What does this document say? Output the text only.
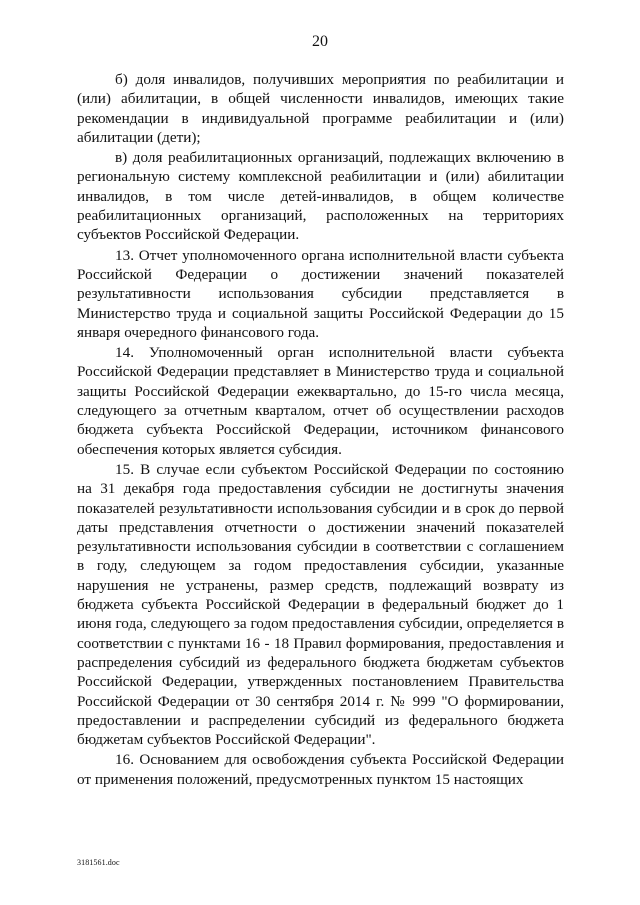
20

б) доля инвалидов, получивших мероприятия по реабилитации и (или) абилитации, в общей численности инвалидов, имеющих такие рекомендации в индивидуальной программе реабилитации и (или) абилитации (дети);

в) доля реабилитационных организаций, подлежащих включению в региональную систему комплексной реабилитации и (или) абилитации инвалидов, в том числе детей-инвалидов, в общем количестве реабилитационных организаций, расположенных на территориях субъектов Российской Федерации.

13. Отчет уполномоченного органа исполнительной власти субъекта Российской Федерации о достижении значений показателей результативности использования субсидии представляется в Министерство труда и социальной защиты Российской Федерации до 15 января очередного финансового года.

14. Уполномоченный орган исполнительной власти субъекта Российской Федерации представляет в Министерство труда и социальной защиты Российской Федерации ежеквартально, до 15-го числа месяца, следующего за отчетным кварталом, отчет об осуществлении расходов бюджета субъекта Российской Федерации, источником финансового обеспечения которых является субсидия.

15. В случае если субъектом Российской Федерации по состоянию на 31 декабря года предоставления субсидии не достигнуты значения показателей результативности использования субсидии и в срок до первой даты представления отчетности о достижении значений показателей результативности использования субсидии в соответствии с соглашением в году, следующем за годом предоставления субсидии, указанные нарушения не устранены, размер средств, подлежащий возврату из бюджета субъекта Российской Федерации в федеральный бюджет до 1 июня года, следующего за годом предоставления субсидии, определяется в соответствии с пунктами 16 - 18 Правил формирования, предоставления и распределения субсидий из федерального бюджета бюджетам субъектов Российской Федерации, утвержденных постановлением Правительства Российской Федерации от 30 сентября 2014 г. № 999 "О формировании, предоставлении и распределении субсидий из федерального бюджета бюджетам субъектов Российской Федерации".

16. Основанием для освобождения субъекта Российской Федерации от применения положений, предусмотренных пунктом 15 настоящих

3181561.doc
